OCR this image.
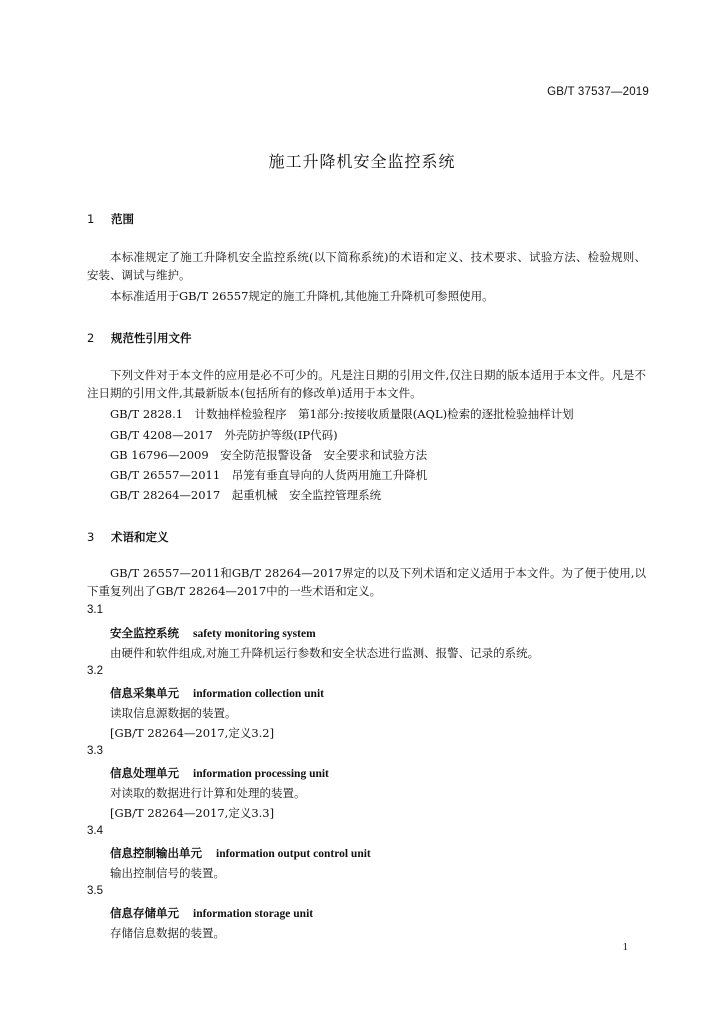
GB/T 37537—2019
施工升降机安全监控系统
1 范围
本标准规定了施工升降机安全监控系统(以下简称系统)的术语和定义、技术要求、试验方法、检验规则、安装、调试与维护。
本标准适用于GB/T 26557规定的施工升降机,其他施工升降机可参照使用。
2 规范性引用文件
下列文件对于本文件的应用是必不可少的。凡是注日期的引用文件,仅注日期的版本适用于本文件。凡是不注日期的引用文件,其最新版本(包括所有的修改单)适用于本文件。
GB/T 2828.1　计数抽样检验程序　第1部分:按接收质量限(AQL)检索的逐批检验抽样计划
GB/T 4208—2017　外壳防护等级(IP代码)
GB 16796—2009　安全防范报警设备　安全要求和试验方法
GB/T 26557—2011　吊笼有垂直导向的人货两用施工升降机
GB/T 28264—2017　起重机械　安全监控管理系统
3 术语和定义
GB/T 26557—2011和GB/T 28264—2017界定的以及下列术语和定义适用于本文件。为了便于使用,以下重复列出了GB/T 28264—2017中的一些术语和定义。
3.1
安全监控系统 safety monitoring system
由硬件和软件组成,对施工升降机运行参数和安全状态进行监测、报警、记录的系统。
3.2
信息采集单元 information collection unit
读取信息源数据的装置。
[GB/T 28264—2017,定义3.2]
3.3
信息处理单元 information processing unit
对读取的数据进行计算和处理的装置。
[GB/T 28264—2017,定义3.3]
3.4
信息控制输出单元 information output control unit
输出控制信号的装置。
3.5
信息存储单元 information storage unit
存储信息数据的装置。
1
